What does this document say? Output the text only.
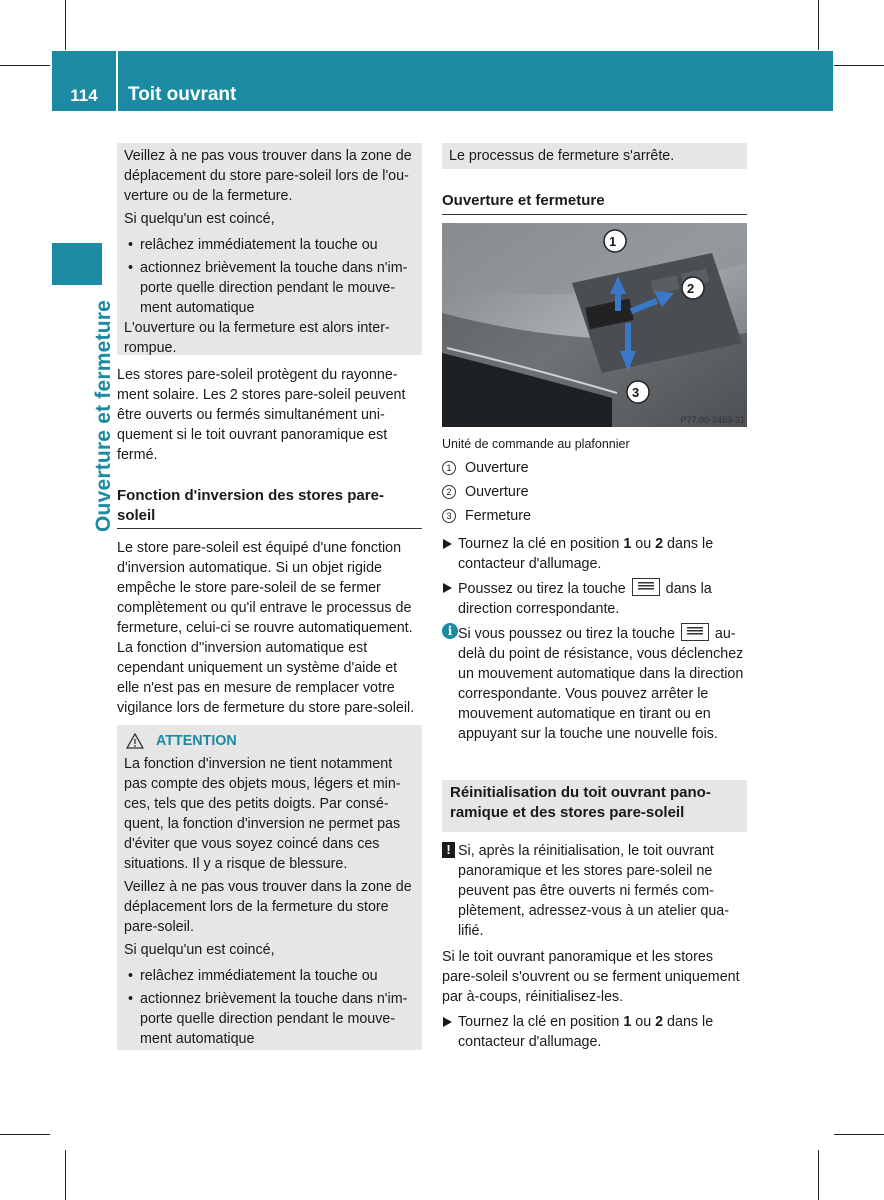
114	Toit ouvrant
Ouverture et fermeture

Veillez à ne pas vous trouver dans la zone de déplacement du store pare-soleil lors de l'ouverture ou de la fermeture.

Si quelqu'un est coincé,

• relâchez immédiatement la touche ou

• actionnez brièvement la touche dans n'importe quelle direction pendant le mouvement automatique

L'ouverture ou la fermeture est alors interrompue.

Les stores pare-soleil protègent du rayonnement solaire. Les 2 stores pare-soleil peuvent être ouverts ou fermés simultanément uniquement si le toit ouvrant panoramique est fermé.

Fonction d'inversion des stores pare-soleil

Le store pare-soleil est équipé d'une fonction d'inversion automatique. Si un objet rigide empêche le store pare-soleil de se fermer complètement ou qu'il entrave le processus de fermeture, celui-ci se rouvre automatiquement. La fonction d''inversion automatique est cependant uniquement un système d'aide et elle n'est pas en mesure de remplacer votre vigilance lors de fermeture du store pare-soleil.

ATTENTION

La fonction d'inversion ne tient notamment pas compte des objets mous, légers et minces, tels que des petits doigts. Par conséquent, la fonction d'inversion ne permet pas d'éviter que vous soyez coincé dans ces situations. Il y a risque de blessure.

Veillez à ne pas vous trouver dans la zone de déplacement lors de la fermeture du store pare-soleil.

Si quelqu'un est coincé,

• relâchez immédiatement la touche ou

• actionnez brièvement la touche dans n'importe quelle direction pendant le mouvement automatique

Le processus de fermeture s'arrête.

Ouverture et fermeture

1
2
3
P77.00-2453-31

Unité de commande au plafonnier

1 Ouverture

2 Ouverture

3 Fermeture

Tournez la clé en position 1 ou 2 dans le contacteur d'allumage.

Poussez ou tirez la touche  dans la direction correspondante.

i Si vous poussez ou tirez la touche  au-delà du point de résistance, vous déclenchez un mouvement automatique dans la direction correspondante. Vous pouvez arrêter le mouvement automatique en tirant ou en appuyant sur la touche une nouvelle fois.

Réinitialisation du toit ouvrant panoramique et des stores pare-soleil

! Si, après la réinitialisation, le toit ouvrant panoramique et les stores pare-soleil ne peuvent pas être ouverts ni fermés complètement, adressez-vous à un atelier qualifié.

Si le toit ouvrant panoramique et les stores pare-soleil s'ouvrent ou se ferment uniquement par à-coups, réinitialisez-les.

Tournez la clé en position 1 ou 2 dans le contacteur d'allumage.
